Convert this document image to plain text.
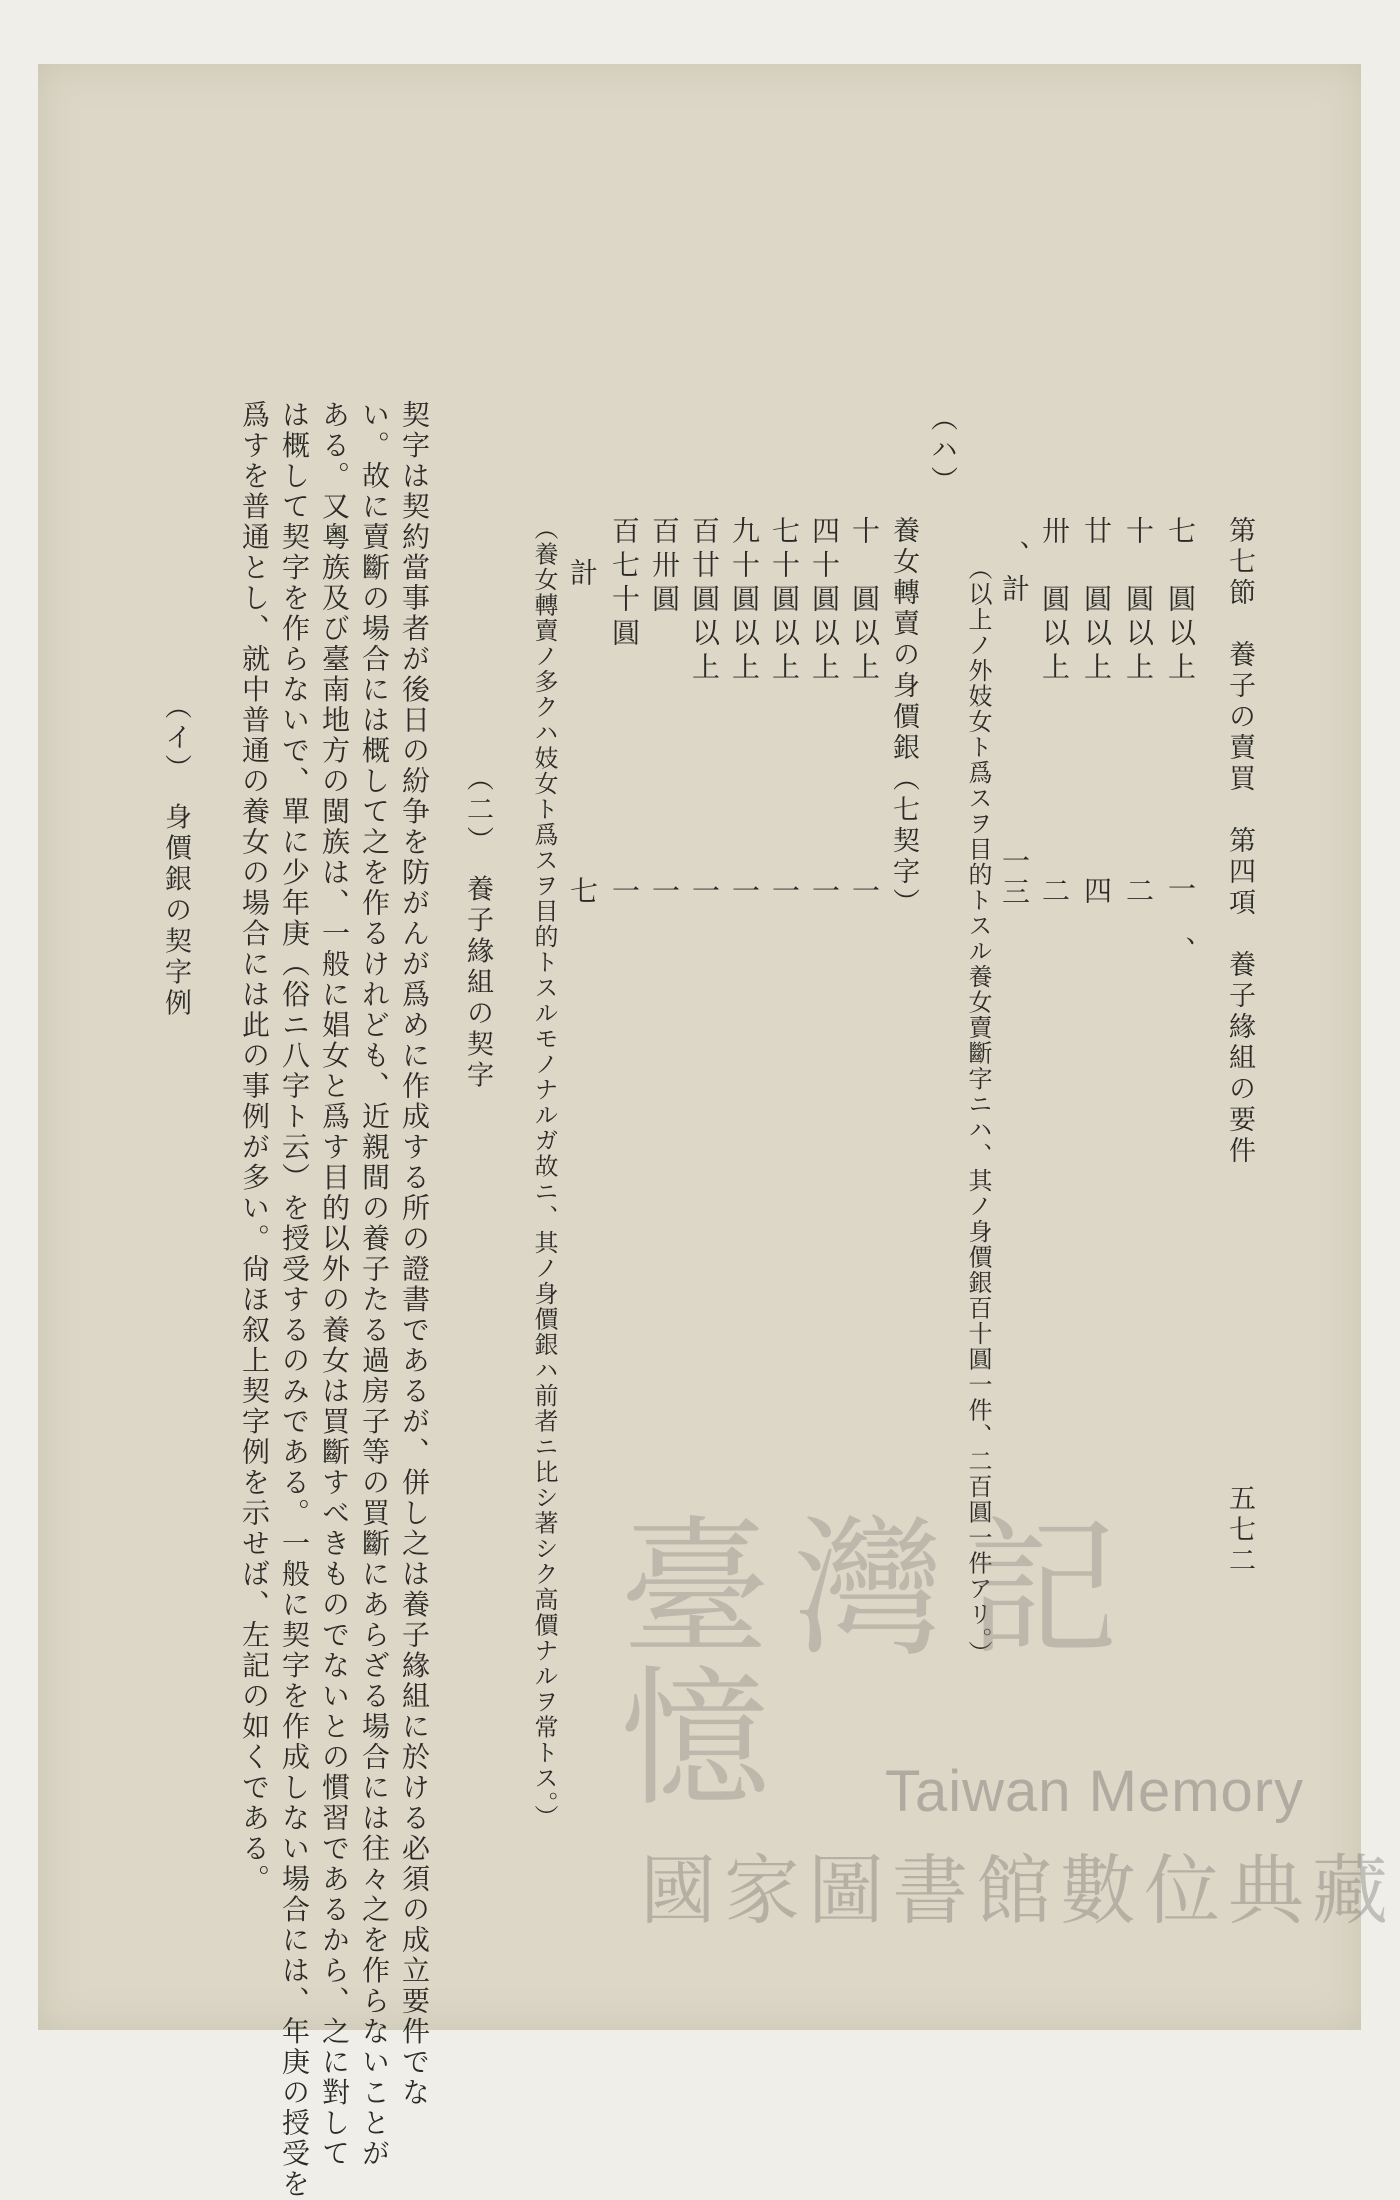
第七節　養子の賣買　第四項　養子緣組の要件
五七二
七　圓以上
一　、
十　圓以上
二
廿　圓以上
四
卅　圓以上
二
、計
一三
（以上ノ外妓女ト爲スヲ目的トスル養女賣斷字ニハ、其ノ身價銀百十圓一件、二百圓一件アリ。）
（ハ）
養女轉賣の身價銀（七契字）
十　圓以上
一
四十圓以上
一
七十圓以上
一
九十圓以上
一
百廿圓以上
一
百卅圓
一
百七十圓
一
計
七
（養女轉賣ノ多クハ妓女ト爲スヲ目的トスルモノナルガ故ニ、其ノ身價銀ハ前者ニ比シ著シク高價ナルヲ常トス。）
（二）　養子緣組の契字
契字は契約當事者が後日の紛争を防がんが爲めに作成する所の證書であるが、併し之は養子緣組に於ける必須の成立要件でな
い。故に賣斷の場合には概して之を作るけれども、近親間の養子たる過房子等の買斷にあらざる場合には往々之を作らないことが
ある。又粵族及び臺南地方の閩族は、一般に娼女と爲す目的以外の養女は買斷すべきものでないとの慣習であるから、之に對して
は概して契字を作らないで、單に少年庚（俗ニ八字ト云）を授受するのみである。一般に契字を作成しない場合には、年庚の授受を
爲すを普通とし、就中普通の養女の場合には此の事例が多い。尙ほ叙上契字例を示せば、左記の如くである。
（イ）　身價銀の契字例
臺灣記憶	Taiwan Memory
國家圖書館數位典藏
